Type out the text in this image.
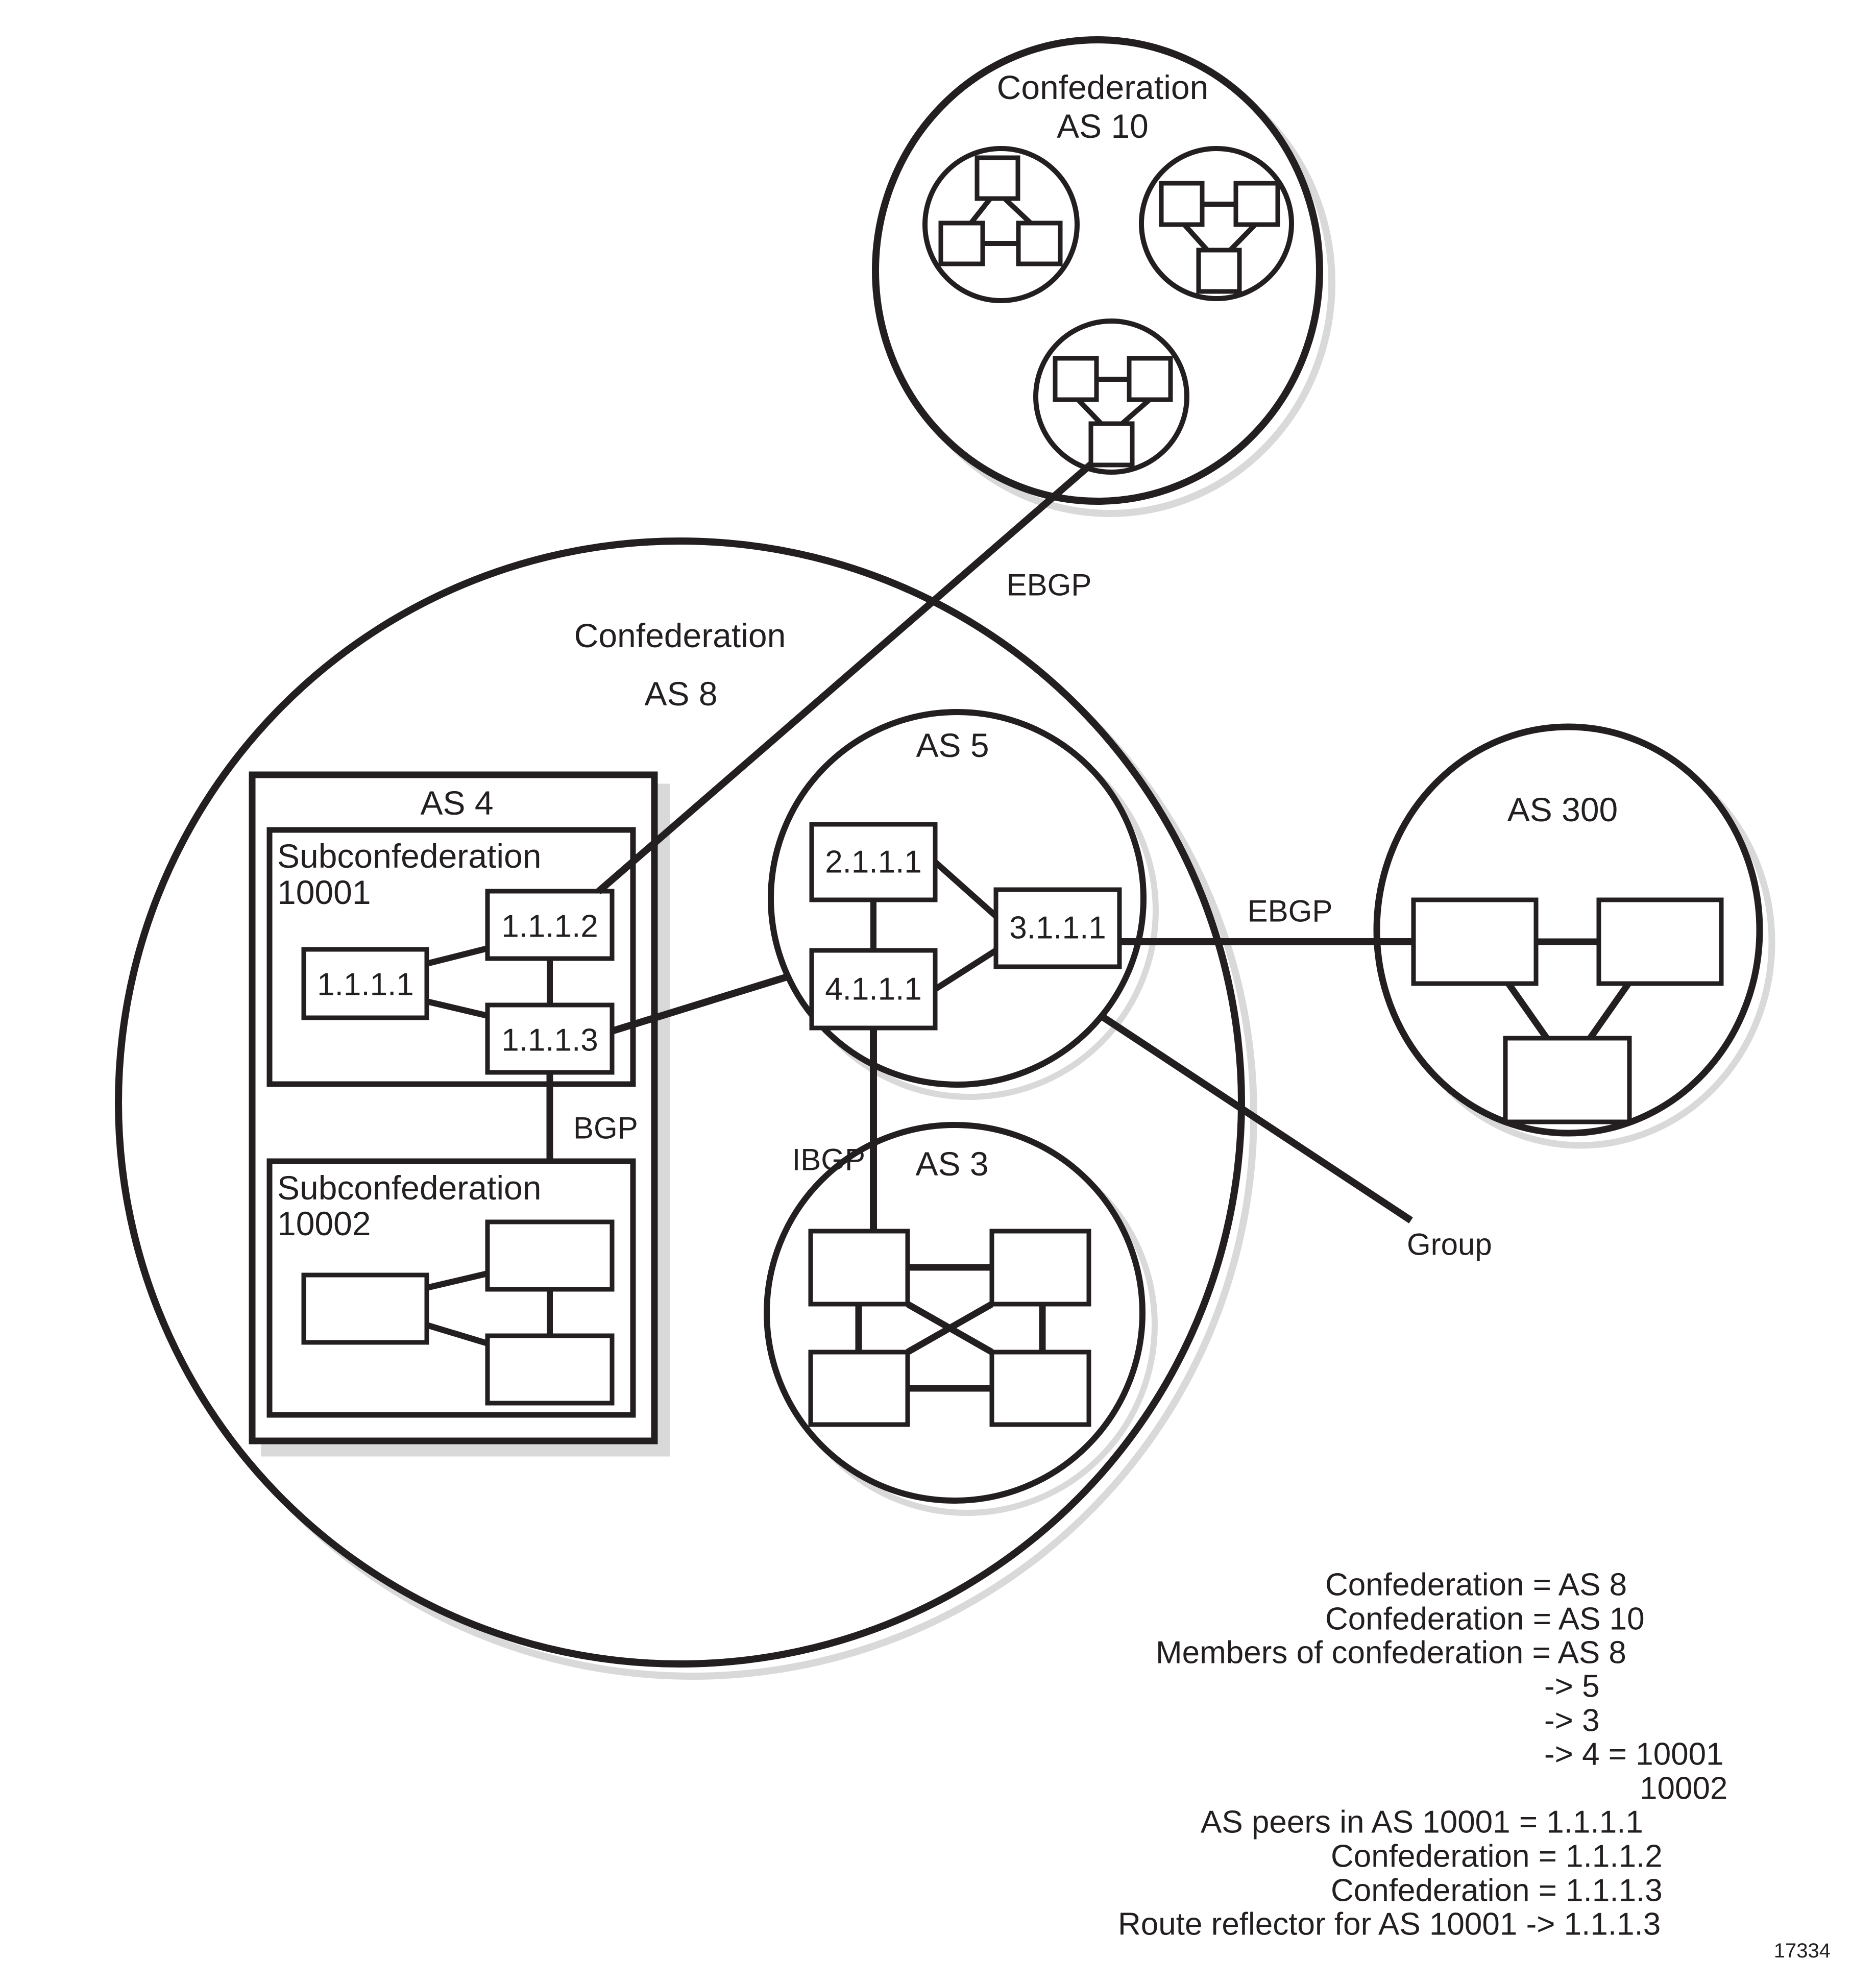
Confederation
AS 8
Confederation
AS 10
AS 4
Subconfederation
10001
1.1.1.2
1.1.1.1
1.1.1.3
BGP
Subconfederation
10002
AS 5
2.1.1.1
4.1.1.1
3.1.1.1
AS 3
AS 300
EBGP
EBGP
IBGP
Group
Confederation = AS 8
Confederation = AS 10
Members of confederation = AS 8
-> 5
-> 3
-> 4 = 10001
10002
AS peers in AS 10001 = 1.1.1.1
Confederation = 1.1.1.2
Confederation = 1.1.1.3
Route reflector for AS 10001 -> 1.1.1.3
17334
